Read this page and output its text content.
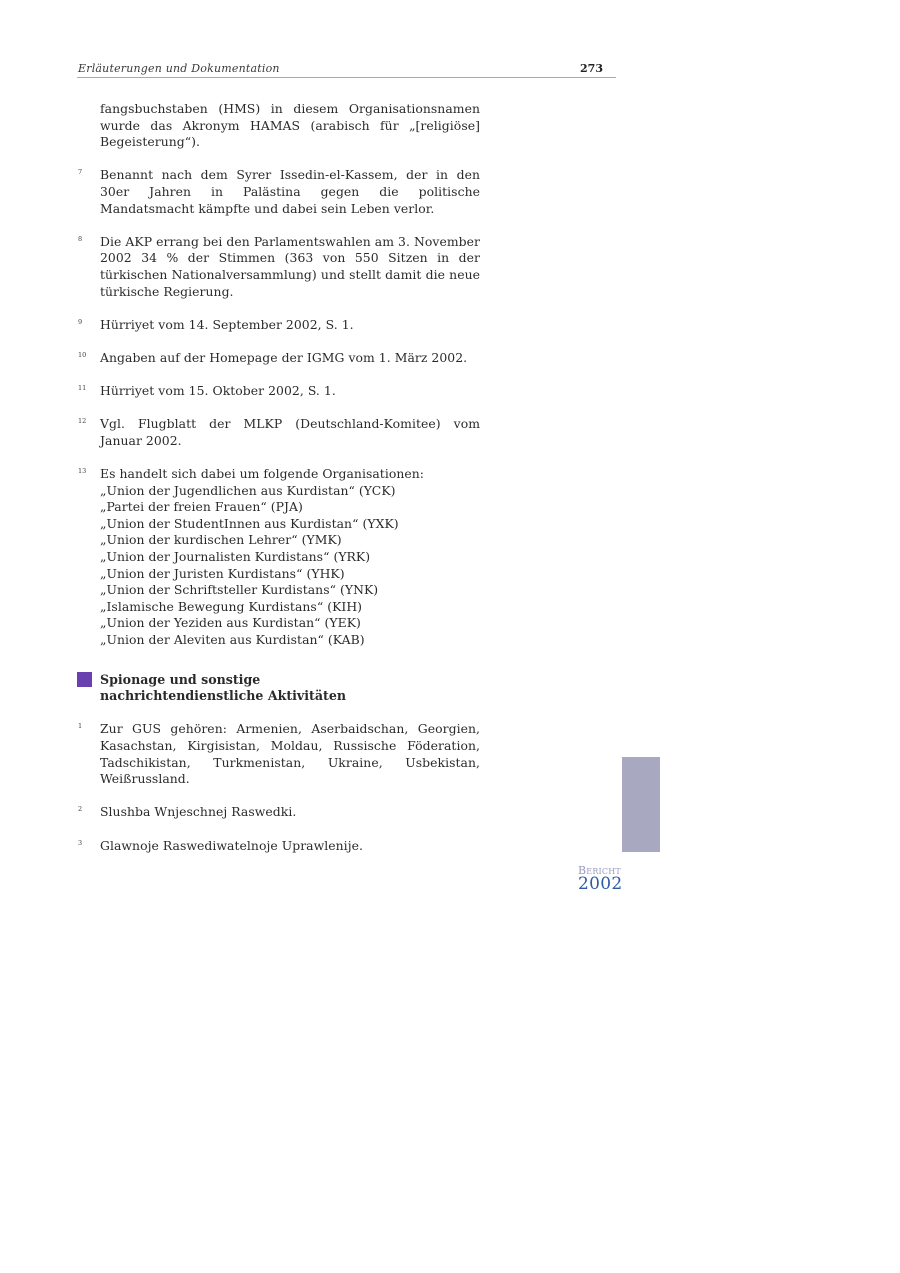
Erläuterungen und Dokumentation	273
fangsbuchstaben (HMS) in diesem Organisationsnamen wurde das Akronym HAMAS (arabisch für „[religiöse] Begeisterung“).
7 Benannt nach dem Syrer Issedin-el-Kassem, der in den 30er Jahren in Palästina gegen die politische Mandatsmacht kämpfte und dabei sein Leben verlor.
8 Die AKP errang bei den Parlamentswahlen am 3. November 2002 34 % der Stimmen (363 von 550 Sitzen in der türkischen Nationalversammlung) und stellt damit die neue türkische Regierung.
9 Hürriyet vom 14. September 2002, S. 1.
10 Angaben auf der Homepage der IGMG vom 1. März 2002.
11 Hürriyet vom 15. Oktober 2002, S. 1.
12 Vgl. Flugblatt der MLKP (Deutschland-Komitee) vom Januar 2002.
13 Es handelt sich dabei um folgende Organisationen:
„Union der Jugendlichen aus Kurdistan“ (YCK)
„Partei der freien Frauen“ (PJA)
„Union der StudentInnen aus Kurdistan“ (YXK)
„Union der kurdischen Lehrer“ (YMK)
„Union der Journalisten Kurdistans“ (YRK)
„Union der Juristen Kurdistans“ (YHK)
„Union der Schriftsteller Kurdistans“ (YNK)
„Islamische Bewegung Kurdistans“ (KIH)
„Union der Yeziden aus Kurdistan“ (YEK)
„Union der Aleviten aus Kurdistan“ (KAB)
Spionage und sonstige
nachrichtendienstliche Aktivitäten
1 Zur GUS gehören: Armenien, Aserbaidschan, Georgien, Kasachstan, Kirgisistan, Moldau, Russische Föderation, Tadschikistan, Turkmenistan, Ukraine, Usbekistan, Weißrussland.
2 Slushba Wnjeschnej Raswedki.
3 Glawnoje Raswediwatelnoje Uprawlenije.
Bericht
2002
